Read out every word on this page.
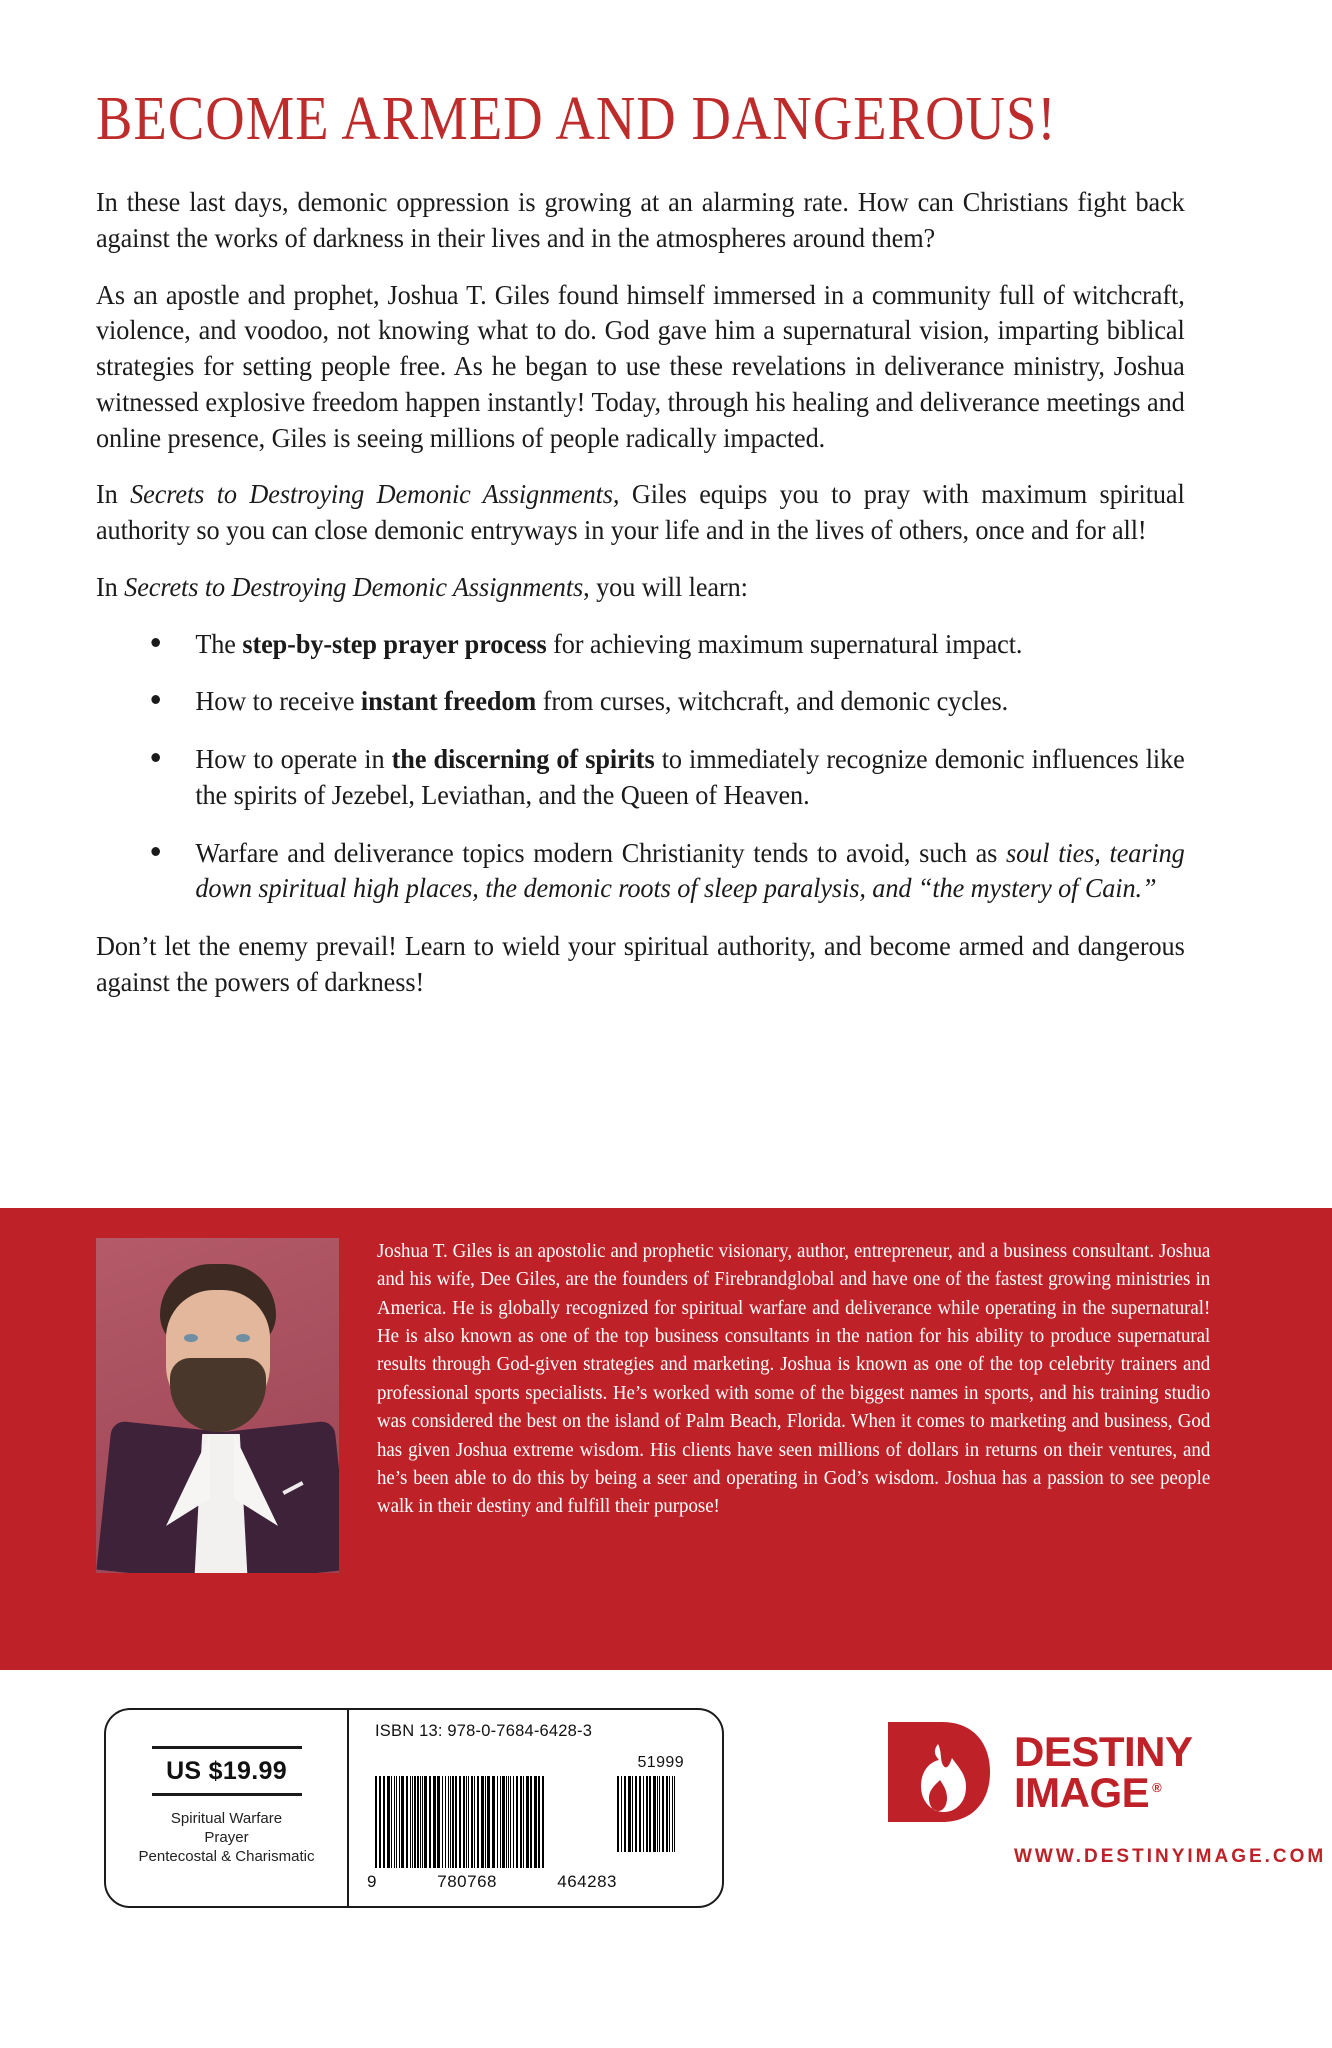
BECOME ARMED AND DANGEROUS!

In these last days, demonic oppression is growing at an alarming rate. How can Christians fight back against the works of darkness in their lives and in the atmospheres around them?

As an apostle and prophet, Joshua T. Giles found himself immersed in a community full of witchcraft, violence, and voodoo, not knowing what to do. God gave him a supernatural vision, imparting biblical strategies for setting people free. As he began to use these revelations in deliverance ministry, Joshua witnessed explosive freedom happen instantly! Today, through his healing and deliverance meetings and online presence, Giles is seeing millions of people radically impacted.

In Secrets to Destroying Demonic Assignments, Giles equips you to pray with maximum spiritual authority so you can close demonic entryways in your life and in the lives of others, once and for all!

In Secrets to Destroying Demonic Assignments, you will learn:

The step-by-step prayer process for achieving maximum supernatural impact.
How to receive instant freedom from curses, witchcraft, and demonic cycles.
How to operate in the discerning of spirits to immediately recognize demonic influences like the spirits of Jezebel, Leviathan, and the Queen of Heaven.
Warfare and deliverance topics modern Christianity tends to avoid, such as soul ties, tearing down spiritual high places, the demonic roots of sleep paralysis, and “the mystery of Cain.”

Don’t let the enemy prevail! Learn to wield your spiritual authority, and become armed and dangerous against the powers of darkness!

Joshua T. Giles is an apostolic and prophetic visionary, author, entrepreneur, and a business consultant. Joshua and his wife, Dee Giles, are the founders of Firebrandglobal and have one of the fastest growing ministries in America. He is globally recognized for spiritual warfare and deliverance while operating in the supernatural! He is also known as one of the top business consultants in the nation for his ability to produce supernatural results through God-given strategies and marketing. Joshua is known as one of the top celebrity trainers and professional sports specialists. He’s worked with some of the biggest names in sports, and his training studio was considered the best on the island of Palm Beach, Florida. When it comes to marketing and business, God has given Joshua extreme wisdom. His clients have seen millions of dollars in returns on their ventures, and he’s been able to do this by being a seer and operating in God’s wisdom. Joshua has a passion to see people walk in their destiny and fulfill their purpose!
US $19.99
Spiritual Warfare
Prayer
Pentecostal & Charismatic
ISBN 13: 978-0-7684-6428-3
51999
9	780768	464283
DESTINY
IMAGE ®
WWW.DESTINYIMAGE.COM
